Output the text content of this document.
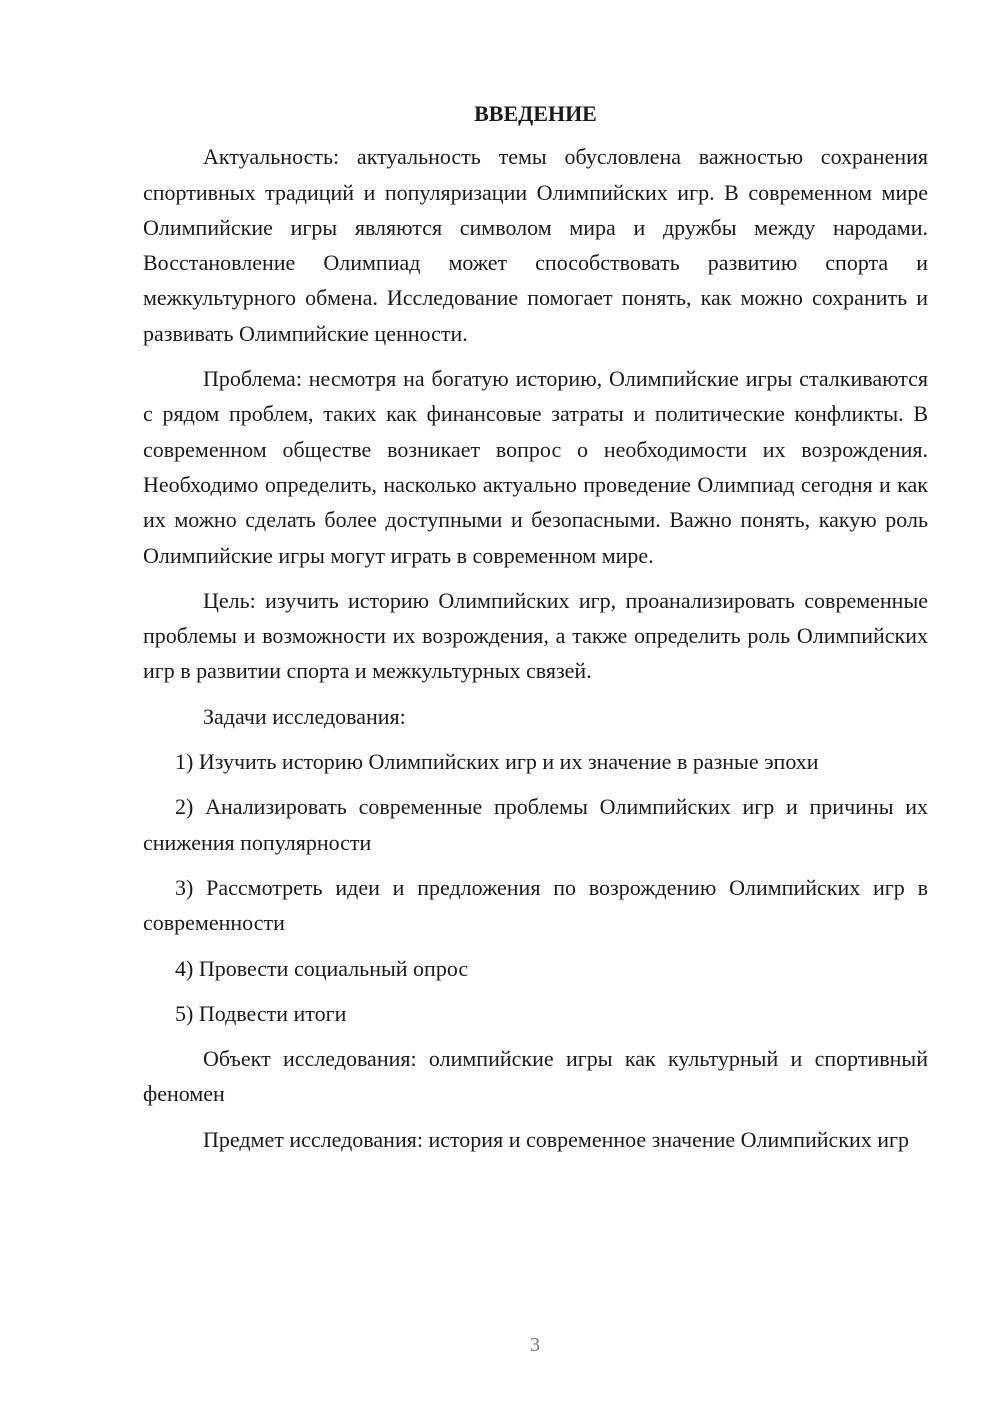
ВВЕДЕНИЕ

Актуальность: актуальность темы обусловлена важностью сохранения спортивных традиций и популяризации Олимпийских игр. В современном мире Олимпийские игры являются символом мира и дружбы между народами. Восстановление Олимпиад может способствовать развитию спорта и межкультурного обмена. Исследование помогает понять, как можно сохранить и развивать Олимпийские ценности.

Проблема: несмотря на богатую историю, Олимпийские игры сталкиваются с рядом проблем, таких как финансовые затраты и политические конфликты. В современном обществе возникает вопрос о необходимости их возрождения. Необходимо определить, насколько актуально проведение Олимпиад сегодня и как их можно сделать более доступными и безопасными. Важно понять, какую роль Олимпийские игры могут играть в современном мире.

Цель: изучить историю Олимпийских игр, проанализировать современные проблемы и возможности их возрождения, а также определить роль Олимпийских игр в развитии спорта и межкультурных связей.

Задачи исследования:

1) Изучить историю Олимпийских игр и их значение в разные эпохи

2) Анализировать современные проблемы Олимпийских игр и причины их снижения популярности

3) Рассмотреть идеи и предложения по возрождению Олимпийских игр в современности

4) Провести социальный опрос

5) Подвести итоги

Объект исследования: олимпийские игры как культурный и спортивный феномен

Предмет исследования: история и современное значение Олимпийских игр

3
